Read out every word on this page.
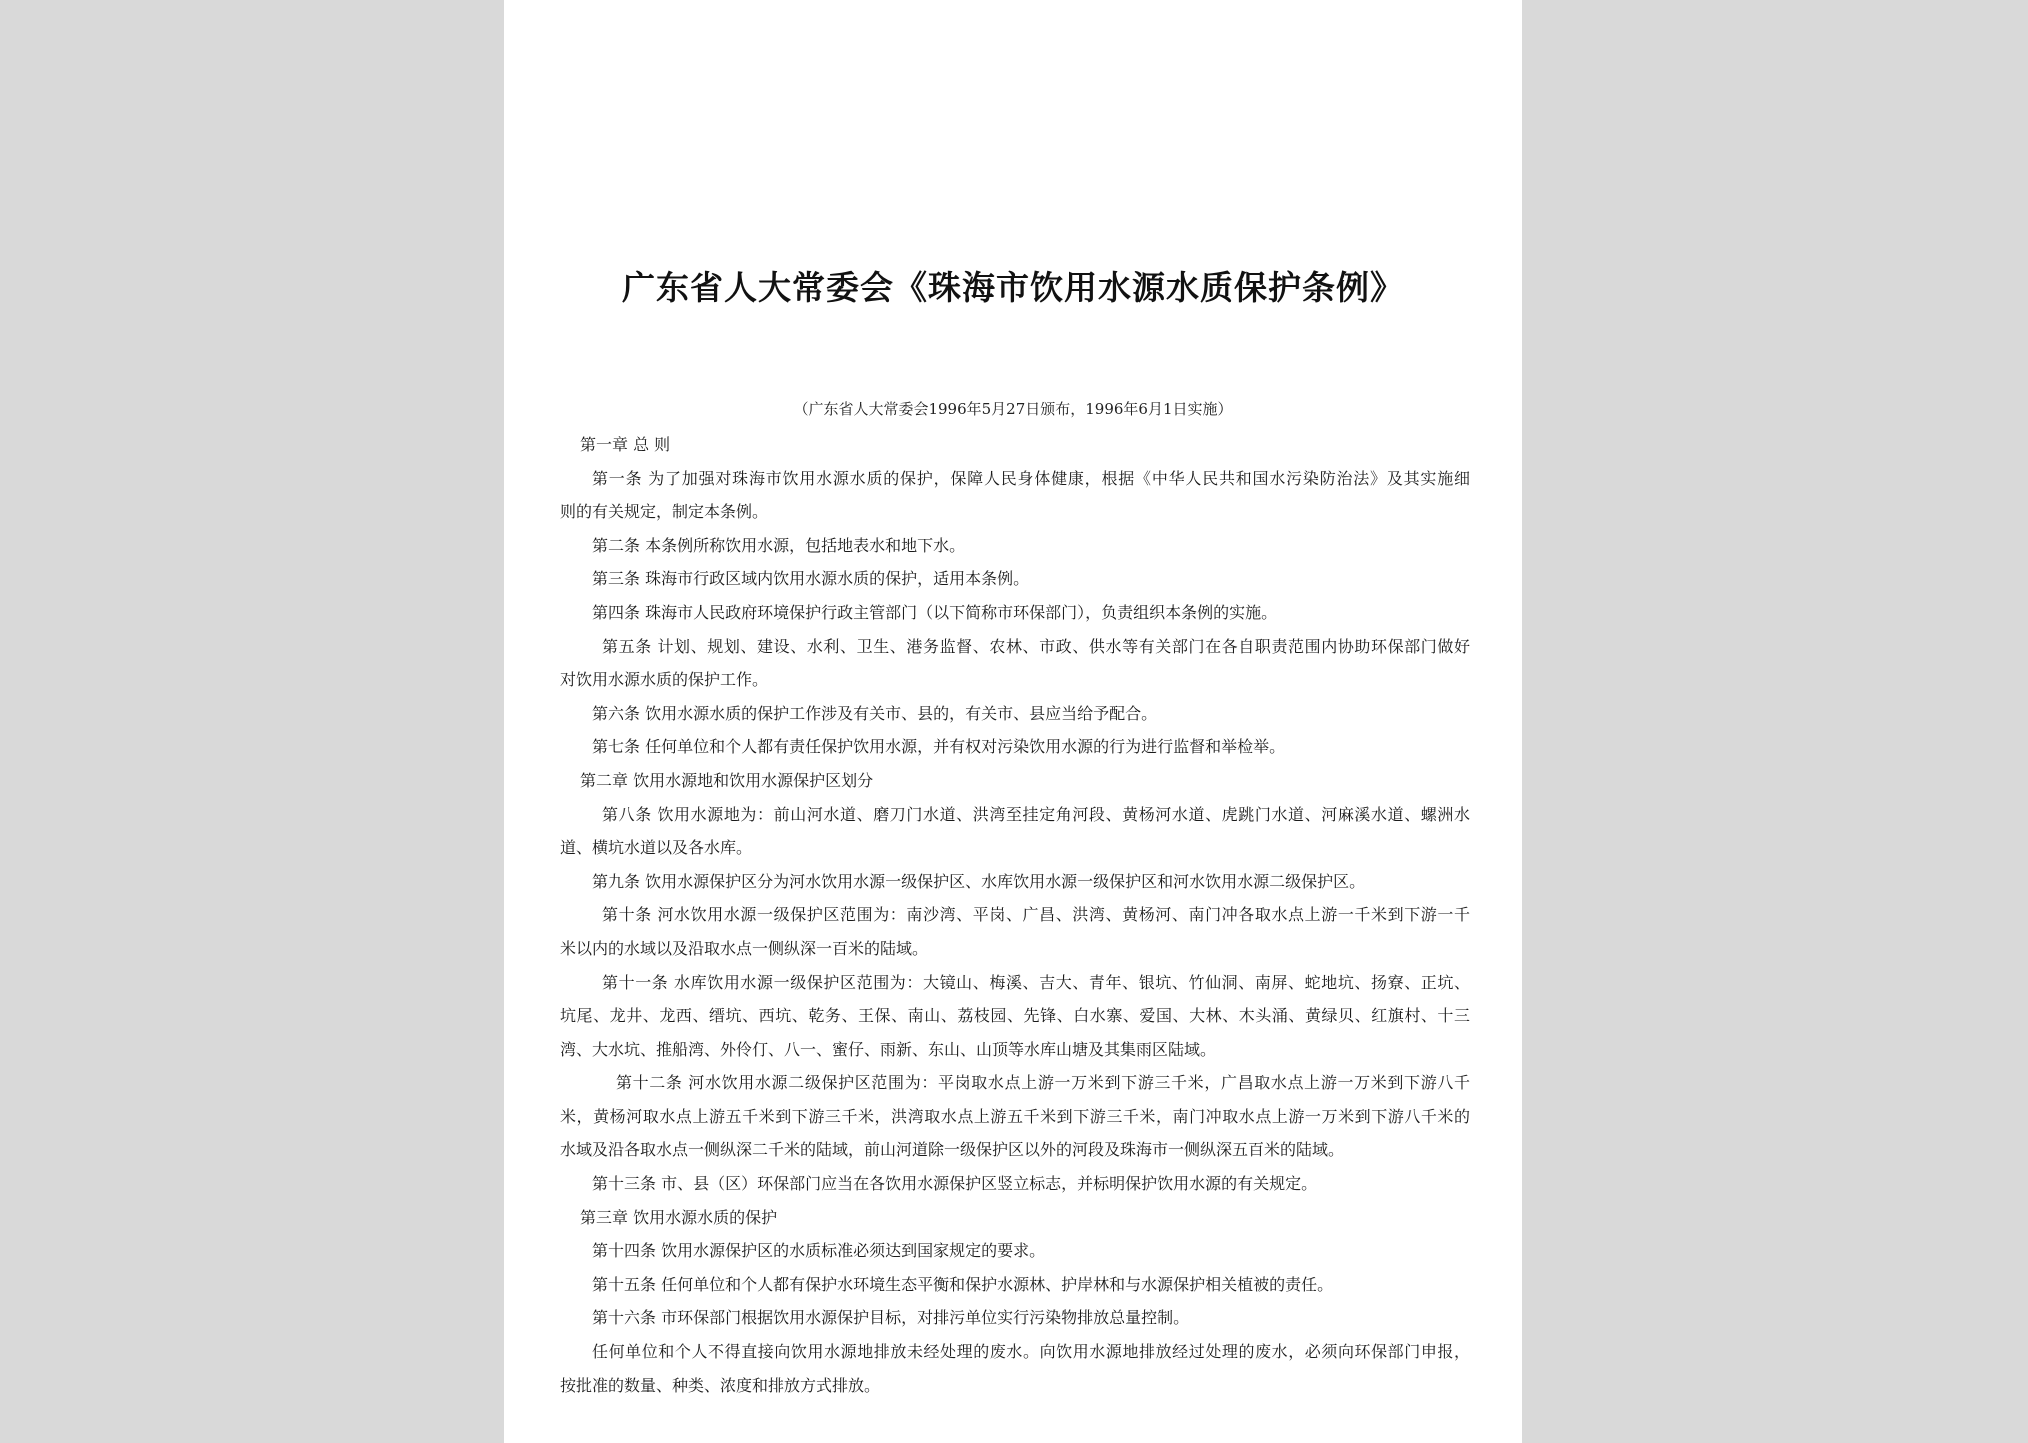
广东省人大常委会《珠海市饮用水源水质保护条例》
（广东省人大常委会1996年5月27日颁布，1996年6月1日实施）
第一章 总 则
第一条 为了加强对珠海市饮用水源水质的保护，保障人民身体健康，根据《中华人民共和国水污染防治法》及其实施细
则的有关规定，制定本条例。
第二条 本条例所称饮用水源，包括地表水和地下水。
第三条 珠海市行政区域内饮用水源水质的保护，适用本条例。
第四条 珠海市人民政府环境保护行政主管部门（以下简称市环保部门），负责组织本条例的实施。
第五条 计划、规划、建设、水利、卫生、港务监督、农林、市政、供水等有关部门在各自职责范围内协助环保部门做好
对饮用水源水质的保护工作。
第六条 饮用水源水质的保护工作涉及有关市、县的，有关市、县应当给予配合。
第七条 任何单位和个人都有责任保护饮用水源，并有权对污染饮用水源的行为进行监督和举检举。
第二章 饮用水源地和饮用水源保护区划分
第八条 饮用水源地为：前山河水道、磨刀门水道、洪湾至挂定角河段、黄杨河水道、虎跳门水道、河麻溪水道、螺洲水
道、横坑水道以及各水库。
第九条 饮用水源保护区分为河水饮用水源一级保护区、水库饮用水源一级保护区和河水饮用水源二级保护区。
第十条 河水饮用水源一级保护区范围为：南沙湾、平岗、广昌、洪湾、黄杨河、南门冲各取水点上游一千米到下游一千
米以内的水域以及沿取水点一侧纵深一百米的陆域。
第十一条 水库饮用水源一级保护区范围为：大镜山、梅溪、吉大、青年、银坑、竹仙洞、南屏、蛇地坑、扬寮、正坑、
坑尾、龙井、龙西、缙坑、西坑、乾务、王保、南山、荔枝园、先锋、白水寨、爱国、大林、木头涌、黄绿贝、红旗村、十三
湾、大水坑、推船湾、外伶仃、八一、蜜仔、雨新、东山、山顶等水库山塘及其集雨区陆域。
第十二条 河水饮用水源二级保护区范围为：平岗取水点上游一万米到下游三千米，广昌取水点上游一万米到下游八千
米，黄杨河取水点上游五千米到下游三千米，洪湾取水点上游五千米到下游三千米，南门冲取水点上游一万米到下游八千米的
水域及沿各取水点一侧纵深二千米的陆域，前山河道除一级保护区以外的河段及珠海市一侧纵深五百米的陆域。
第十三条 市、县（区）环保部门应当在各饮用水源保护区竖立标志，并标明保护饮用水源的有关规定。
第三章 饮用水源水质的保护
第十四条 饮用水源保护区的水质标准必须达到国家规定的要求。
第十五条 任何单位和个人都有保护水环境生态平衡和保护水源林、护岸林和与水源保护相关植被的责任。
第十六条 市环保部门根据饮用水源保护目标，对排污单位实行污染物排放总量控制。
任何单位和个人不得直接向饮用水源地排放未经处理的废水。向饮用水源地排放经过处理的废水，必须向环保部门申报，
按批准的数量、种类、浓度和排放方式排放。
